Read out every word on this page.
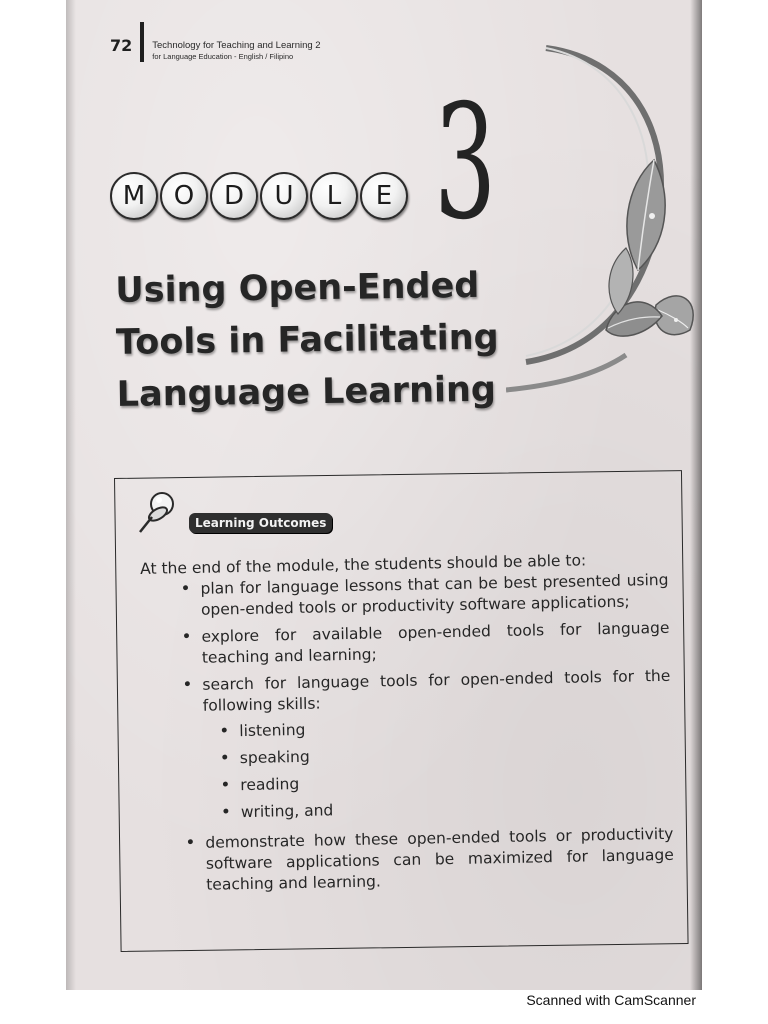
72 Technology for Teaching and Learning 2
for Language Education - English / Filipino
M	O	D	U	L	E 3
Using Open-Ended
Tools in Facilitating
Language Learning
Learning Outcomes

At the end of the module, the students should be able to:

• plan for language lessons that can be best presented using open-ended tools or productivity software applications;
• explore for available open-ended tools for language teaching and learning;
• search for language tools for open-ended tools for the following skills:
• listening
• speaking
• reading
• writing, and
• demonstrate how these open-ended tools or productivity software applications can be maximized for language teaching and learning.
Scanned with CamScanner
